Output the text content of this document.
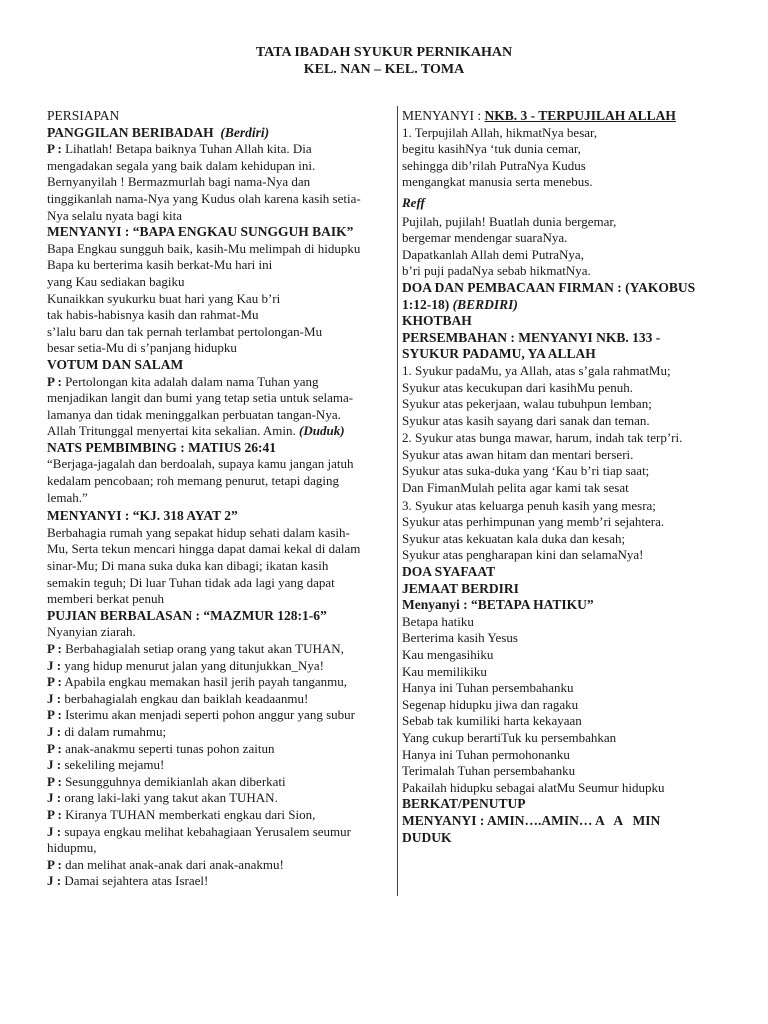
TATA IBADAH SYUKUR PERNIKAHAN
KEL. NAN – KEL. TOMA
PERSIAPAN
PANGGILAN BERIBADAH (Berdiri)
P : Lihatlah! Betapa baiknya Tuhan Allah kita. Dia
mengadakan segala yang baik dalam kehidupan ini.
Bernyanyilah ! Bermazmurlah bagi nama-Nya dan
tinggikanlah nama-Nya yang Kudus olah karena kasih setia-
Nya selalu nyata bagi kita
MENYANYI : “BAPA ENGKAU SUNGGUH BAIK”
Bapa Engkau sungguh baik, kasih-Mu melimpah di hidupku
Bapa ku berterima kasih berkat-Mu hari ini
yang Kau sediakan bagiku
Kunaikkan syukurku buat hari yang Kau b’ri
tak habis-habisnya kasih dan rahmat-Mu
s’lalu baru dan tak pernah terlambat pertolongan-Mu
besar setia-Mu di s’panjang hidupku
VOTUM DAN SALAM
P : Pertolongan kita adalah dalam nama Tuhan yang
menjadikan langit dan bumi yang tetap setia untuk selama-
lamanya dan tidak meninggalkan perbuatan tangan-Nya.
Allah Tritunggal menyertai kita sekalian. Amin. (Duduk)
NATS PEMBIMBING : MATIUS 26:41
“Berjaga-jagalah dan berdoalah, supaya kamu jangan jatuh
kedalam pencobaan; roh memang penurut, tetapi daging
lemah.”
MENYANYI : “KJ. 318 AYAT 2”
Berbahagia rumah yang sepakat hidup sehati dalam kasih-
Mu, Serta tekun mencari hingga dapat damai kekal di dalam
sinar-Mu; Di mana suka duka kan dibagi; ikatan kasih
semakin teguh; Di luar Tuhan tidak ada lagi yang dapat
memberi berkat penuh
PUJIAN BERBALASAN : “MAZMUR 128:1-6”
Nyanyian ziarah.
P : Berbahagialah setiap orang yang takut akan TUHAN,
J : yang hidup menurut jalan yang ditunjukkan_Nya!
P : Apabila engkau memakan hasil jerih payah tanganmu,
J : berbahagialah engkau dan baiklah keadaanmu!
P : Isterimu akan menjadi seperti pohon anggur yang subur
J : di dalam rumahmu;
P : anak-anakmu seperti tunas pohon zaitun
J : sekeliling mejamu!
P : Sesungguhnya demikianlah akan diberkati
J : orang laki-laki yang takut akan TUHAN.
P : Kiranya TUHAN memberkati engkau dari Sion,
J : supaya engkau melihat kebahagiaan Yerusalem seumur
hidupmu,
P : dan melihat anak-anak dari anak-anakmu!
J : Damai sejahtera atas Israel!
MENYANYI : NKB. 3 - TERPUJILAH ALLAH
1. Terpujilah Allah, hikmatNya besar,
begitu kasihNya ‘tuk dunia cemar,
sehingga dib’rilah PutraNya Kudus
mengangkat manusia serta menebus.
Reff
Pujilah, pujilah! Buatlah dunia bergemar,
bergemar mendengar suaraNya.
Dapatkanlah Allah demi PutraNya,
b’ri puji padaNya sebab hikmatNya.
DOA DAN PEMBACAAN FIRMAN : (YAKOBUS
1:12-18) (BERDIRI)
KHOTBAH
PERSEMBAHAN : MENYANYI NKB. 133 -
SYUKUR PADAMU, YA ALLAH
1. Syukur padaMu, ya Allah, atas s’gala rahmatMu;
Syukur atas kecukupan dari kasihMu penuh.
Syukur atas pekerjaan, walau tubuhpun lemban;
Syukur atas kasih sayang dari sanak dan teman.
2. Syukur atas bunga mawar, harum, indah tak terp’ri.
Syukur atas awan hitam dan mentari berseri.
Syukur atas suka-duka yang ‘Kau b’ri tiap saat;
Dan FimanMulah pelita agar kami tak sesat
3. Syukur atas keluarga penuh kasih yang mesra;
Syukur atas perhimpunan yang memb’ri sejahtera.
Syukur atas kekuatan kala duka dan kesah;
Syukur atas pengharapan kini dan selamaNya!
DOA SYAFAAT
JEMAAT BERDIRI
Menyanyi : “BETAPA HATIKU”
Betapa hatiku
Berterima kasih Yesus
Kau mengasihiku
Kau memilikiku
Hanya ini Tuhan persembahanku
Segenap hidupku jiwa dan ragaku
Sebab tak kumiliki harta kekayaan
Yang cukup berartiTuk ku persembahkan
Hanya ini Tuhan permohonanku
Terimalah Tuhan persembahanku
Pakailah hidupku sebagai alatMu Seumur hidupku
BERKAT/PENUTUP
MENYANYI : AMIN….AMIN… A   A   MIN
DUDUK
